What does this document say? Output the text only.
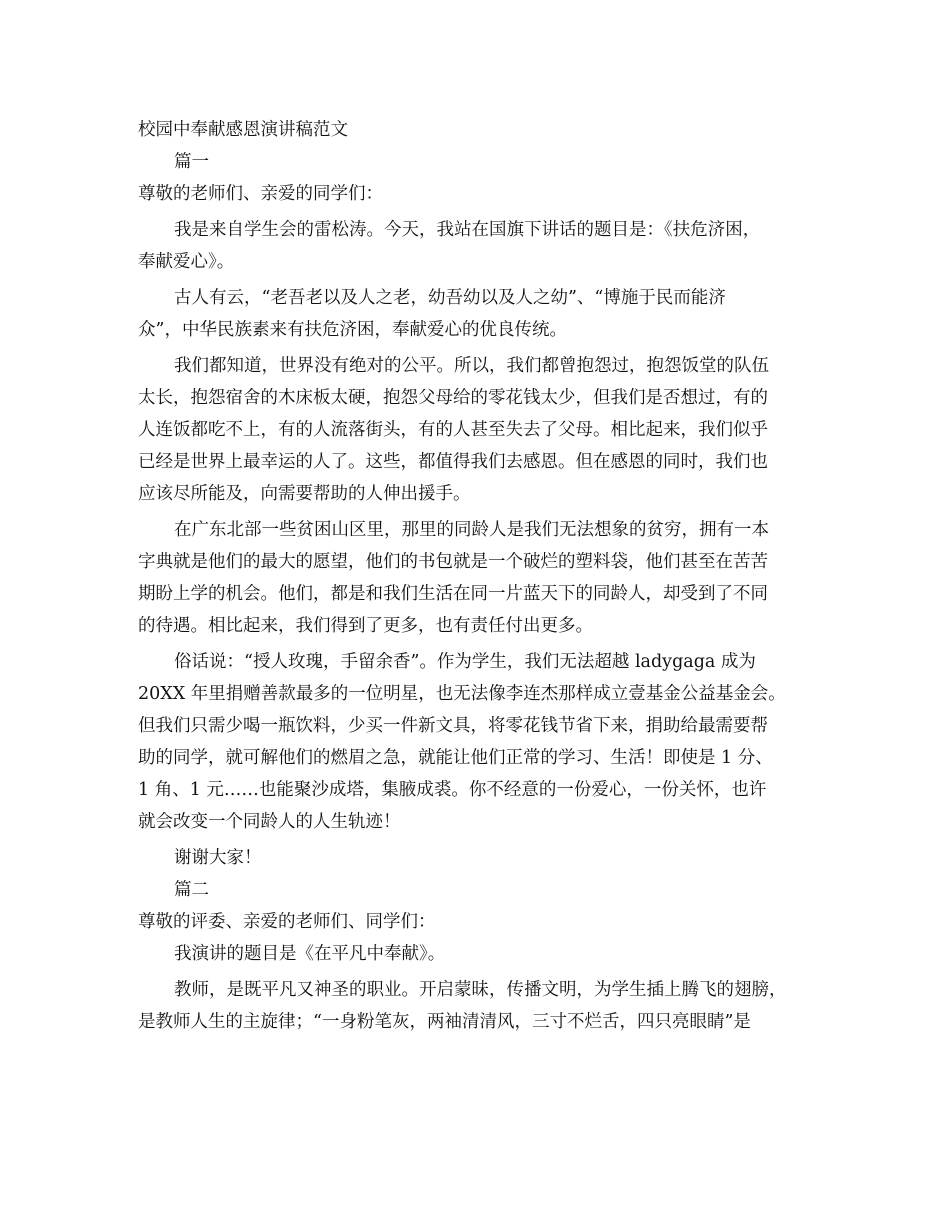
校园中奉献感恩演讲稿范文
篇一
尊敬的老师们、亲爱的同学们：
我是来自学生会的雷松涛。今天，我站在国旗下讲话的题目是：《扶危济困，
奉献爱心》。
古人有云，“老吾老以及人之老，幼吾幼以及人之幼”、“博施于民而能济
众”，中华民族素来有扶危济困，奉献爱心的优良传统。
我们都知道，世界没有绝对的公平。所以，我们都曾抱怨过，抱怨饭堂的队伍
太长，抱怨宿舍的木床板太硬，抱怨父母给的零花钱太少，但我们是否想过，有的
人连饭都吃不上，有的人流落街头，有的人甚至失去了父母。相比起来，我们似乎
已经是世界上最幸运的人了。这些，都值得我们去感恩。但在感恩的同时，我们也
应该尽所能及，向需要帮助的人伸出援手。
在广东北部一些贫困山区里，那里的同龄人是我们无法想象的贫穷，拥有一本
字典就是他们的最大的愿望，他们的书包就是一个破烂的塑料袋，他们甚至在苦苦
期盼上学的机会。他们，都是和我们生活在同一片蓝天下的同龄人，却受到了不同
的待遇。相比起来，我们得到了更多，也有责任付出更多。
俗话说：“授人玫瑰，手留余香”。作为学生，我们无法超越 ladygaga 成为
20XX 年里捐赠善款最多的一位明星，也无法像李连杰那样成立壹基金公益基金会。
但我们只需少喝一瓶饮料，少买一件新文具，将零花钱节省下来，捐助给最需要帮
助的同学，就可解他们的燃眉之急，就能让他们正常的学习、生活！即使是 1 分、
1 角、1 元……也能聚沙成塔，集腋成裘。你不经意的一份爱心，一份关怀，也许
就会改变一个同龄人的人生轨迹！
谢谢大家！
篇二
尊敬的评委、亲爱的老师们、同学们：
我演讲的题目是《在平凡中奉献》。
教师，是既平凡又神圣的职业。开启蒙昧，传播文明，为学生插上腾飞的翅膀，
是教师人生的主旋律；“一身粉笔灰，两袖清清风，三寸不烂舌，四只亮眼睛”是
